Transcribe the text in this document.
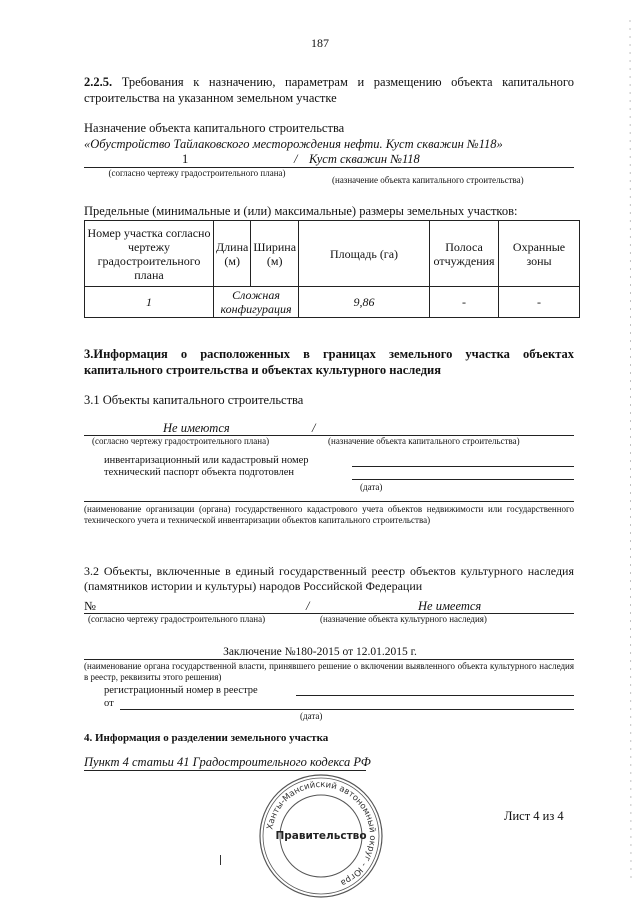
187
2.2.5. Требования к назначению, параметрам и размещению объекта капитального строительства на указанном земельном участке
Назначение объекта капитального строительства
«Обустройство Тайлаковского месторождения нефти. Куст скважин №118»
1	/ Куст скважин №118
(согласно чертежу градостроительного плана)
(назначение объекта капитального строительства)
Предельные (минимальные и (или) максимальные) размеры земельных участков:
Номер участка согласно чертежу градостроительного плана	Длина (м)	Ширина (м)	Площадь (га)	Полоса отчуждения	Охранные зоны
1	Сложная конфигурация		9,86	-	-
3.Информация о расположенных в границах земельного участка объектах капитального строительства и объектах культурного наследия
3.1 Объекты капитального строительства
Не имеются	/
(согласно чертежу градостроительного плана)	(назначение объекта капитального строительства)
инвентаризационный или кадастровый номер
технический паспорт объекта подготовлен
(дата)
(наименование организации (органа) государственного кадастрового учета объектов недвижимости или государственного технического учета и технической инвентаризации объектов капитального строительства)
3.2 Объекты, включенные в единый государственный реестр объектов культурного наследия (памятников истории и культуры) народов Российской Федерации
№	/	Не имеется
(согласно чертежу градостроительного плана)	(назначение объекта культурного наследия)
Заключение №180-2015 от 12.01.2015 г.
(наименование органа государственной власти, принявшего решение о включении выявленного объекта культурного наследия в реестр, реквизиты этого решения)
регистрационный номер в реестре
от
(дата)
4. Информация о разделении земельного участка
Пункт 4 статьи 41 Градостроительного кодекса РФ
Лист 4 из 4
Ханты-Мансийский автономный округ - Югра
Правительство
